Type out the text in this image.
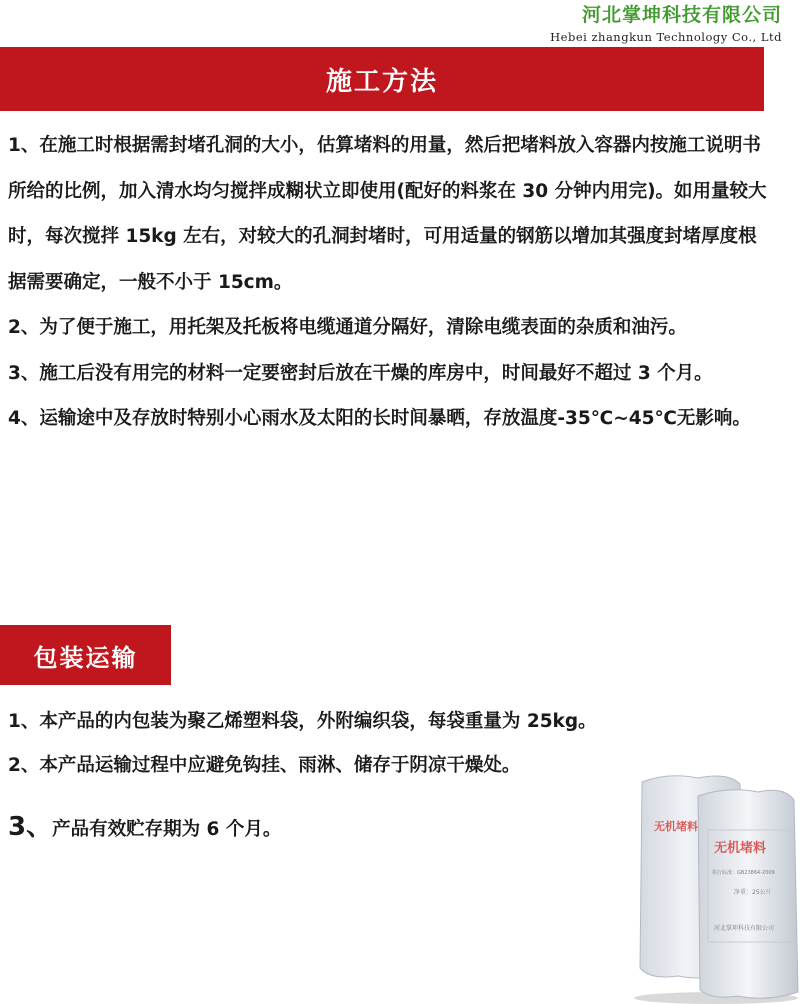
河北掌坤科技有限公司
Hebei zhangkun Technology Co., Ltd
施工方法

1、在施工时根据需封堵孔洞的大小，估算堵料的用量，然后把堵料放入容器内按施工说明书所给的比例，加入清水均匀搅拌成糊状立即使用(配好的料浆在 30 分钟内用完)。如用量较大时，每次搅拌 15kg 左右，对较大的孔洞封堵时，可用适量的钢筋以增加其强度封堵厚度根据需要确定，一般不小于 15cm。

2、为了便于施工，用托架及托板将电缆通道分隔好，清除电缆表面的杂质和油污。

3、施工后没有用完的材料一定要密封后放在干燥的库房中，时间最好不超过 3 个月。

4、运输途中及存放时特别小心雨水及太阳的长时间暴晒，存放温度-35℃~45℃无影响。

包装运输

1、本产品的内包装为聚乙烯塑料袋，外附编织袋，每袋重量为 25kg。

2、本产品运输过程中应避免钩挂、雨淋、储存于阴凉干燥处。

3、产品有效贮存期为 6 个月。	无机堵料
无机堵料
执行标准：GB23864-2009
净重：25公斤
河北掌坤科技有限公司
